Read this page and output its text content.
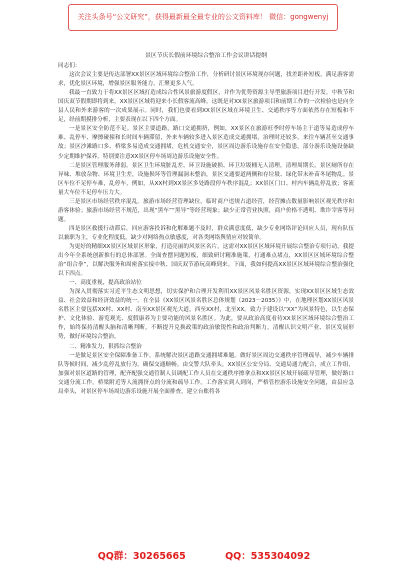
关注头条号“公文研究”，获得最新最全最专业的公文资料库！ 微信：gongwenyj

景区节庆长假前环境综合整治工作会议讲话提纲

同志们：

这次会议主要是传达部署XX景区区域环境综合整治工作，分析研讨景区环境现存问题，找差距补短板，满足游客需求，优化景区环境，增强景区服务能力，汇聚更多人气。

我最一直致力于将XX景区区域打造成综合性风景旅游度假区，并作为优势资源主导型旅游项目进行开发。中秋节和国庆双节假期即将到来，XX景区区域将迎来小长假客流高峰。这既是对XX景区旅游项目和前期工作的一次检验也是向全县人民和外来游客的一次成果展示。同时，我们也要看到XX景区区域在环境卫生、交通秩序等方面依然存在短板和不足，经前期摸排分析，主要表现在以下四个方面。

一是景区安全防范不足。景区主要道路，路口交通拥挤，例如，XX景区在旅游旺季时停车场主干道等易造成停车难、乱停车、摩擦碰撞和长时间车辆滞留，外来车辆较多进入景区造成交通拥堵，治理时还较多，来往车辆甚至交通事故；景区沙滩路口多、桥梁多易造成交通拥堵，危机交通安全，景区周边游乐设施存在安全隐患，部分游乐设施设备缺少定期维护保养，特别要注意XX景区停车场周边游乐设施安全性。

二是景区管理服务薄弱。景区卫生环境脏乱差、环卫设施破损、环卫垃圾桶无人清理，清理周期长，景区厕所存在异味、堆放杂物、环境卫生差，设施损坏等管理漏洞未整治，景区交通要道两侧和存垃圾、绿化带未补苗冬尾物乱。景区车位不足停车难，乱停车，例如，从XX村到XX景区多处路段停车秩序混乱；XX景区门口、村内车辆乱停乱放；客流量大车位不足停车压力大。

三是景区市场经营秩序混乱。旅游市场经营管理缺位，临时商户违规占道经营，经营摊点数量影响景区观光秩序和游客体验；旅游市场经营不规范，出现“黑车”“黑导”等经营现象；缺少正常营业执照，商户价格不透明、欺诈宰客等问题。

四是景区救援行动滞后，回应游客投诉和化解难题不及时，群众满意度低，缺少专业网络评论回应人员，现有队伍以兼职为主，专业化程度低，缺少对网络热点敏感度，对各类网络舆情应对较简单。

为更好的精细XX景区区域景区形象，打造亮丽的风景区名片，这需对XX景区区域环境开展综合整治专项行动，我提出今年全系统创新推行的总体部署。全面查摆问题短板，细致研讨精准施策，打通难点堵点，XX景区区域环境综合整治“组合拳”，以解决服务和周密落实接中秋、国庆双节游玩高峰到来。下面，我如何提高XX景区区域环境综合整治强化以下四点。

一、高度重视，提高政治站位

为深入贯彻落实习近平生态文明思想，切实保护和合理开发利用XX景区风景名胜区资源，实现XX景区区域生态效益、社会效益和经济效益的统一。在全县《XX景区风景名胜区总体规划（2023－2035）》中，在地理区划XX景区风景名胜区主要包括XX村、XX村、南至XX景区观光大道，西至XX村，北至XX。致力于建设以“XX”为风景特色，以生态保护、文化体验、游览观光、度假康养为主要功能的风景名胜区。为此，要从政治高度看待XX景区区域环境综合整治工作，始终保持清醒头脑和清晰判断，不断提升兑换政策的政治敏锐性和政治判断力，清醒认识文明产业、景区发展形势，做好环境综合整治。

二、精准发力，狠抓综合整治

一是做足景区安全保障准备工作。系统解决景区道路交通拥堵难题。做好景区周边交通秩序管理疏导，减少车辆排队等候时间，减少乱停乱放行为，确保交通顺畅。由交警大队牵头，XX景区公安分局、交通局通力配合，成立工作组，加强对景区道路的管理，配齐配强交通管制人员调配工作人员在交通秩序擦拿点和XX景区区域开展疏导管理，做好路口交通分流工作，桥梁附近等人流拥挤点的分流和疏导工作。工作落实到人到岗，严格管控游乐设施安全问题，由县应急局牵头，对景区停车场周边游乐设施开展全面排查，建立台账将各

QQ群：30265665	QQ：535304092
